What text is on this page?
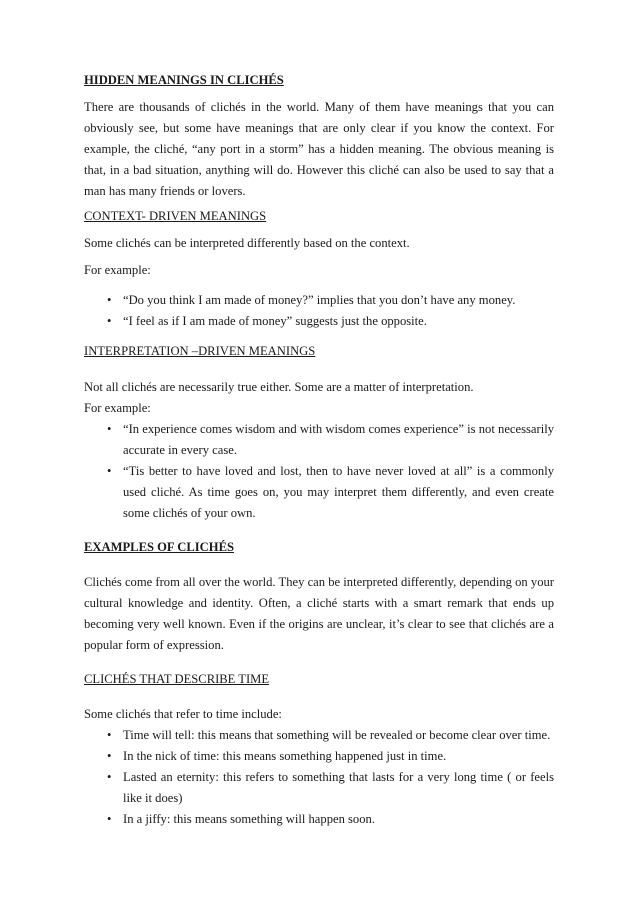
HIDDEN MEANINGS IN CLICHÉS

There are thousands of clichés in the world. Many of them have meanings that you can obviously see, but some have meanings that are only clear if you know the context. For example, the cliché, “any port in a storm” has a hidden meaning. The obvious meaning is that, in a bad situation, anything will do. However this cliché can also be used to say that a man has many friends or lovers.

CONTEXT- DRIVEN MEANINGS

Some clichés can be interpreted differently based on the context.

For example:

• “Do you think I am made of money?” implies that you don’t have any money.
• “I feel as if I am made of money” suggests just the opposite.

INTERPRETATION –DRIVEN MEANINGS

Not all clichés are necessarily true either. Some are a matter of interpretation.

For example:

• “In experience comes wisdom and with wisdom comes experience” is not necessarily accurate in every case.
• “Tis better to have loved and lost, then to have never loved at all” is a commonly used cliché. As time goes on, you may interpret them differently, and even create some clichés of your own.

EXAMPLES OF CLICHÉS

Clichés come from all over the world. They can be interpreted differently, depending on your cultural knowledge and identity. Often, a cliché starts with a smart remark that ends up becoming very well known. Even if the origins are unclear, it’s clear to see that clichés are a popular form of expression.

CLICHÉS THAT DESCRIBE TIME

Some clichés that refer to time include:

• Time will tell: this means that something will be revealed or become clear over time.
• In the nick of time: this means something happened just in time.
• Lasted an eternity: this refers to something that lasts for a very long time ( or feels like it does)
• In a jiffy: this means something will happen soon.
